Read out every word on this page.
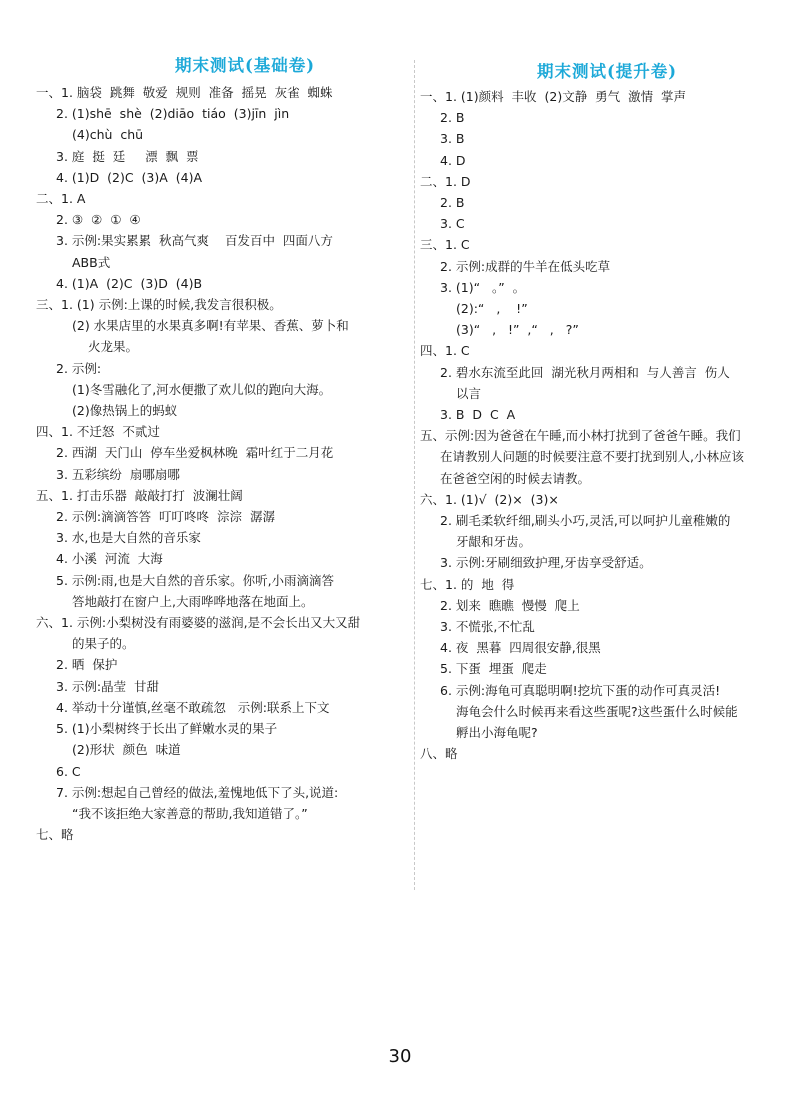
期末测试(基础卷)
一、1. 脑袋  跳舞  敬爱  规则  准备  摇晃  灰雀  蜘蛛
2. (1)shē  shè  (2)diāo  tiáo  (3)jīn  jìn
(4)chù  chū
3. 庭  挺  廷     漂  飘  票
4. (1)D  (2)C  (3)A  (4)A
二、1. A
2. ③  ②  ①  ④
3. 示例:果实累累  秋高气爽    百发百中  四面八方
ABB式
4. (1)A  (2)C  (3)D  (4)B
三、1. (1) 示例:上课的时候,我发言很积极。
(2) 水果店里的水果真多啊!有苹果、香蕉、萝卜和
火龙果。
2. 示例:
(1)冬雪融化了,河水便撒了欢儿似的跑向大海。
(2)像热锅上的蚂蚁
四、1. 不迁怒  不贰过
2. 西湖  天门山  停车坐爱枫林晚  霜叶红于二月花
3. 五彩缤纷  扇哪扇哪
五、1. 打击乐器  敲敲打打  波澜壮阔
2. 示例:滴滴答答  叮叮咚咚  淙淙  潺潺
3. 水,也是大自然的音乐家
4. 小溪  河流  大海
5. 示例:雨,也是大自然的音乐家。你听,小雨滴滴答
答地敲打在窗户上,大雨哗哗地落在地面上。
六、1. 示例:小梨树没有雨婆婆的滋润,是不会长出又大又甜
的果子的。
2. 晒  保护
3. 示例:晶莹  甘甜
4. 举动十分谨慎,丝毫不敢疏忽   示例:联系上下文
5. (1)小梨树终于长出了鲜嫩水灵的果子
(2)形状  颜色  味道
6. C
7. 示例:想起自己曾经的做法,羞愧地低下了头,说道:
“我不该拒绝大家善意的帮助,我知道错了。”
七、略
期末测试(提升卷)
一、1. (1)颜料  丰收  (2)文静  勇气  激情  掌声
2. B
3. B
4. D
二、1. D
2. B
3. C
三、1. C
2. 示例:成群的牛羊在低头吃草
3. (1)“   。”  。
(2):“   ,    !”
(3)“   ,   !”  ,“   ,   ?”
四、1. C
2. 碧水东流至此回  湖光秋月两相和  与人善言  伤人
以言
3. B  D  C  A
五、示例:因为爸爸在午睡,而小林打扰到了爸爸午睡。我们
在请教别人问题的时候要注意不要打扰到别人,小林应该
在爸爸空闲的时候去请教。
六、1. (1)√  (2)×  (3)×
2. 刷毛柔软纤细,刷头小巧,灵活,可以呵护儿童稚嫩的
牙龈和牙齿。
3. 示例:牙刷细致护理,牙齿享受舒适。
七、1. 的  地  得
2. 划来  瞧瞧  慢慢  爬上
3. 不慌张,不忙乱
4. 夜  黑暮  四周很安静,很黑
5. 下蛋  埋蛋  爬走
6. 示例:海龟可真聪明啊!挖坑下蛋的动作可真灵活!
海龟会什么时候再来看这些蛋呢?这些蛋什么时候能
孵出小海龟呢?
八、略
30
